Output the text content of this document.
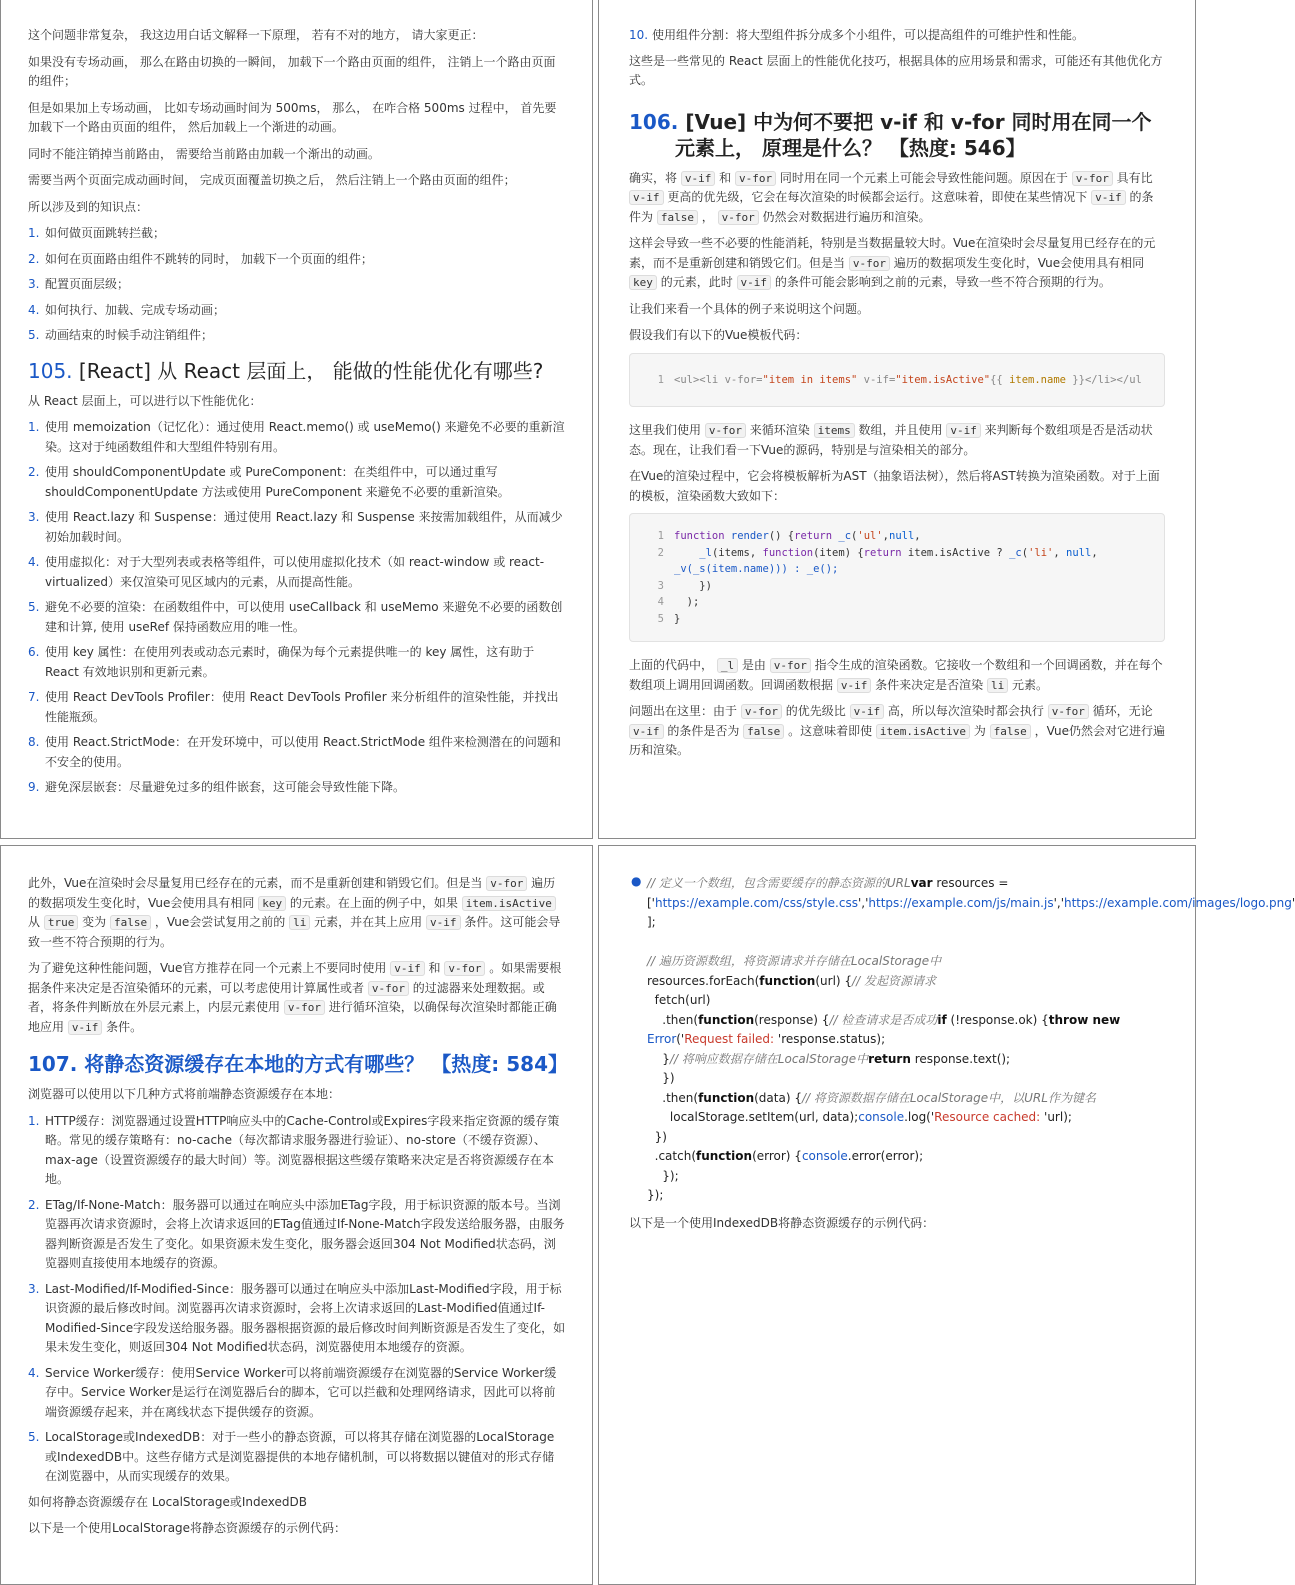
这个问题非常复杂， 我这边用白话文解释一下原理， 若有不对的地方， 请大家更正：

如果没有专场动画， 那么在路由切换的一瞬间， 加载下一个路由页面的组件， 注销上一个路由页面的组件；

但是如果加上专场动画， 比如专场动画时间为 500ms， 那么， 在咋合格 500ms 过程中， 首先要加载下一个路由页面的组件， 然后加载上一个渐进的动画。

同时不能注销掉当前路由， 需要给当前路由加载一个渐出的动画。

需要当两个页面完成动画时间， 完成页面覆盖切换之后， 然后注销上一个路由页面的组件；

所以涉及到的知识点：

1. 如何做页面跳转拦截；
2. 如何在页面路由组件不跳转的同时， 加载下一个页面的组件；
3. 配置页面层级；
4. 如何执行、加载、完成专场动画；
5. 动画结束的时候手动注销组件；
105. [React] 从 React 层面上， 能做的性能优化有哪些?

从 React 层面上，可以进行以下性能优化：

1. 使用 memoization（记忆化）：通过使用 React.memo() 或 useMemo() 来避免不必要的重新渲染。这对于纯函数组件和大型组件特别有用。
2. 使用 shouldComponentUpdate 或 PureComponent：在类组件中，可以通过重写 shouldComponentUpdate 方法或使用 PureComponent 来避免不必要的重新渲染。
3. 使用 React.lazy 和 Suspense：通过使用 React.lazy 和 Suspense 来按需加载组件，从而减少初始加载时间。
4. 使用虚拟化：对于大型列表或表格等组件，可以使用虚拟化技术（如 react-window 或 react-virtualized）来仅渲染可见区域内的元素，从而提高性能。
5. 避免不必要的渲染：在函数组件中，可以使用 useCallback 和 useMemo 来避免不必要的函数创建和计算, 使用 useRef 保持函数应用的唯一性。
6. 使用 key 属性：在使用列表或动态元素时，确保为每个元素提供唯一的 key 属性，这有助于 React 有效地识别和更新元素。
7. 使用 React DevTools Profiler：使用 React DevTools Profiler 来分析组件的渲染性能，并找出性能瓶颈。
8. 使用 React.StrictMode：在开发环境中，可以使用 React.StrictMode 组件来检测潜在的问题和不安全的使用。
9. 避免深层嵌套：尽量避免过多的组件嵌套，这可能会导致性能下降。
10. 使用组件分割：将大型组件拆分成多个小组件，可以提高组件的可维护性和性能。

这些是一些常见的 React 层面上的性能优化技巧，根据具体的应用场景和需求，可能还有其他优化方式。

106. [Vue] 中为何不要把 v-if 和 v-for 同时用在同一个元素上， 原理是什么？ 【热度: 546】

确实，将 v-if 和 v-for 同时用在同一个元素上可能会导致性能问题。原因在于 v-for 具有比 v-if 更高的优先级，它会在每次渲染的时候都会运行。这意味着，即使在某些情况下 v-if 的条件为 false ， v-for 仍然会对数据进行遍历和渲染。

这样会导致一些不必要的性能消耗，特别是当数据量较大时。Vue在渲染时会尽量复用已经存在的元素，而不是重新创建和销毁它们。但是当 v-for 遍历的数据项发生变化时，Vue会使用具有相同 key 的元素，此时 v-if 的条件可能会影响到之前的元素，导致一些不符合预期的行为。

让我们来看一个具体的例子来说明这个问题。

假设我们有以下的Vue模板代码：

1 <ul><li v-for="item in items" v-if="item.isActive"{{ item.name }}</li></ul

这里我们使用 v-for 来循环渲染 items 数组，并且使用 v-if 来判断每个数组项是否是活动状态。现在，让我们看一下Vue的源码，特别是与渲染相关的部分。

在Vue的渲染过程中，它会将模板解析为AST（抽象语法树），然后将AST转换为渲染函数。对于上面的模板，渲染函数大致如下：

1 function render() {return _c('ul',null,
2 _l(items, function(item) {return item.isActive ? _c('li', null,
_v(_s(item.name))) : _e();
3 })
4 );
5 }

上面的代码中， _l 是由 v-for 指令生成的渲染函数。它接收一个数组和一个回调函数，并在每个数组项上调用回调函数。回调函数根据 v-if 条件来决定是否渲染 li 元素。

问题出在这里：由于 v-for 的优先级比 v-if 高，所以每次渲染时都会执行 v-for 循环，无论 v-if 的条件是否为 false 。这意味着即使 item.isActive 为 false ，Vue仍然会对它进行遍历和渲染。

此外，Vue在渲染时会尽量复用已经存在的元素，而不是重新创建和销毁它们。但是当 v-for 遍历的数据项发生变化时，Vue会使用具有相同 key 的元素。在上面的例子中，如果 item.isActive 从 true 变为 false ，Vue会尝试复用之前的 li 元素，并在其上应用 v-if 条件。这可能会导致一些不符合预期的行为。

为了避免这种性能问题，Vue官方推荐在同一个元素上不要同时使用 v-if 和 v-for 。如果需要根据条件来决定是否渲染循环的元素，可以考虑使用计算属性或者 v-for 的过滤器来处理数据。或者，将条件判断放在外层元素上，内层元素使用 v-for 进行循环渲染，以确保每次渲染时都能正确地应用 v-if 条件。

107. 将静态资源缓存在本地的方式有哪些？ 【热度: 584】

浏览器可以使用以下几种方式将前端静态资源缓存在本地：

1. HTTP缓存：浏览器通过设置HTTP响应头中的Cache-Control或Expires字段来指定资源的缓存策略。常见的缓存策略有：no-cache（每次都请求服务器进行验证）、no-store（不缓存资源）、max-age（设置资源缓存的最大时间）等。浏览器根据这些缓存策略来决定是否将资源缓存在本地。
2. ETag/If-None-Match：服务器可以通过在响应头中添加ETag字段，用于标识资源的版本号。当浏览器再次请求资源时，会将上次请求返回的ETag值通过If-None-Match字段发送给服务器，由服务器判断资源是否发生了变化。如果资源未发生变化，服务器会返回304 Not Modified状态码，浏览器则直接使用本地缓存的资源。
3. Last-Modified/If-Modified-Since：服务器可以通过在响应头中添加Last-Modified字段，用于标识资源的最后修改时间。浏览器再次请求资源时，会将上次请求返回的Last-Modified值通过If-Modified-Since字段发送给服务器。服务器根据资源的最后修改时间判断资源是否发生了变化，如果未发生变化，则返回304 Not Modified状态码，浏览器使用本地缓存的资源。
4. Service Worker缓存：使用Service Worker可以将前端资源缓存在浏览器的Service Worker缓存中。Service Worker是运行在浏览器后台的脚本，它可以拦截和处理网络请求，因此可以将前端资源缓存起来，并在离线状态下提供缓存的资源。
5. LocalStorage或IndexedDB：对于一些小的静态资源，可以将其存储在浏览器的LocalStorage或IndexedDB中。这些存储方式是浏览器提供的本地存储机制，可以将数据以键值对的形式存储在浏览器中，从而实现缓存的效果。

如何将静态资源缓存在 LocalStorage或IndexedDB

以下是一个使用LocalStorage将静态资源缓存的示例代码：

● // 定义一个数组，包含需要缓存的静态资源的URLvar resources =
['https://example.com/css/style.css','https://example.com/js/main.js','https://example.com/images/logo.png'
];

// 遍历资源数组，将资源请求并存储在LocalStorage中
resources.forEach(function(url) {// 发起资源请求
fetch(url)
.then(function(response) {// 检查请求是否成功if (!response.ok) {throw new Error('Request failed: 'response.status);
}// 将响应数据存储在LocalStorage中return response.text();
})
.then(function(data) {// 将资源数据存储在LocalStorage中，以URL作为键名
localStorage.setItem(url, data);console.log('Resource cached: 'url);
})
.catch(function(error) {console.error(error);
});
});

以下是一个使用IndexedDB将静态资源缓存的示例代码：
